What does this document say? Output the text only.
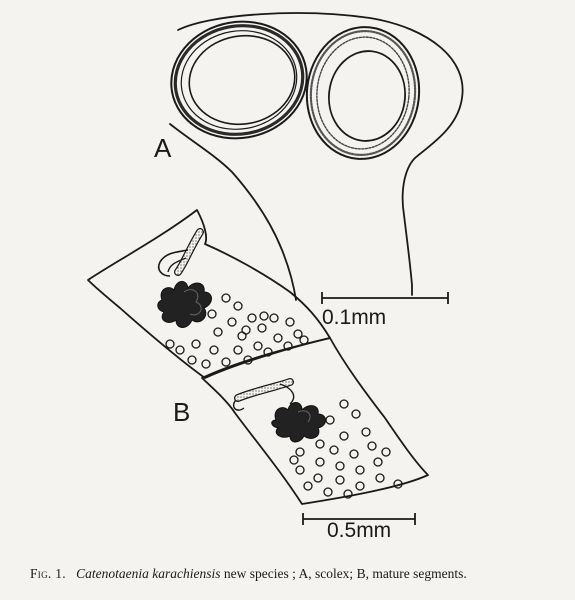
A
B
0.1mm
0.5mm
Fig. 1. Catenotaenia karachiensis new species ; A, scolex; B, mature segments.
